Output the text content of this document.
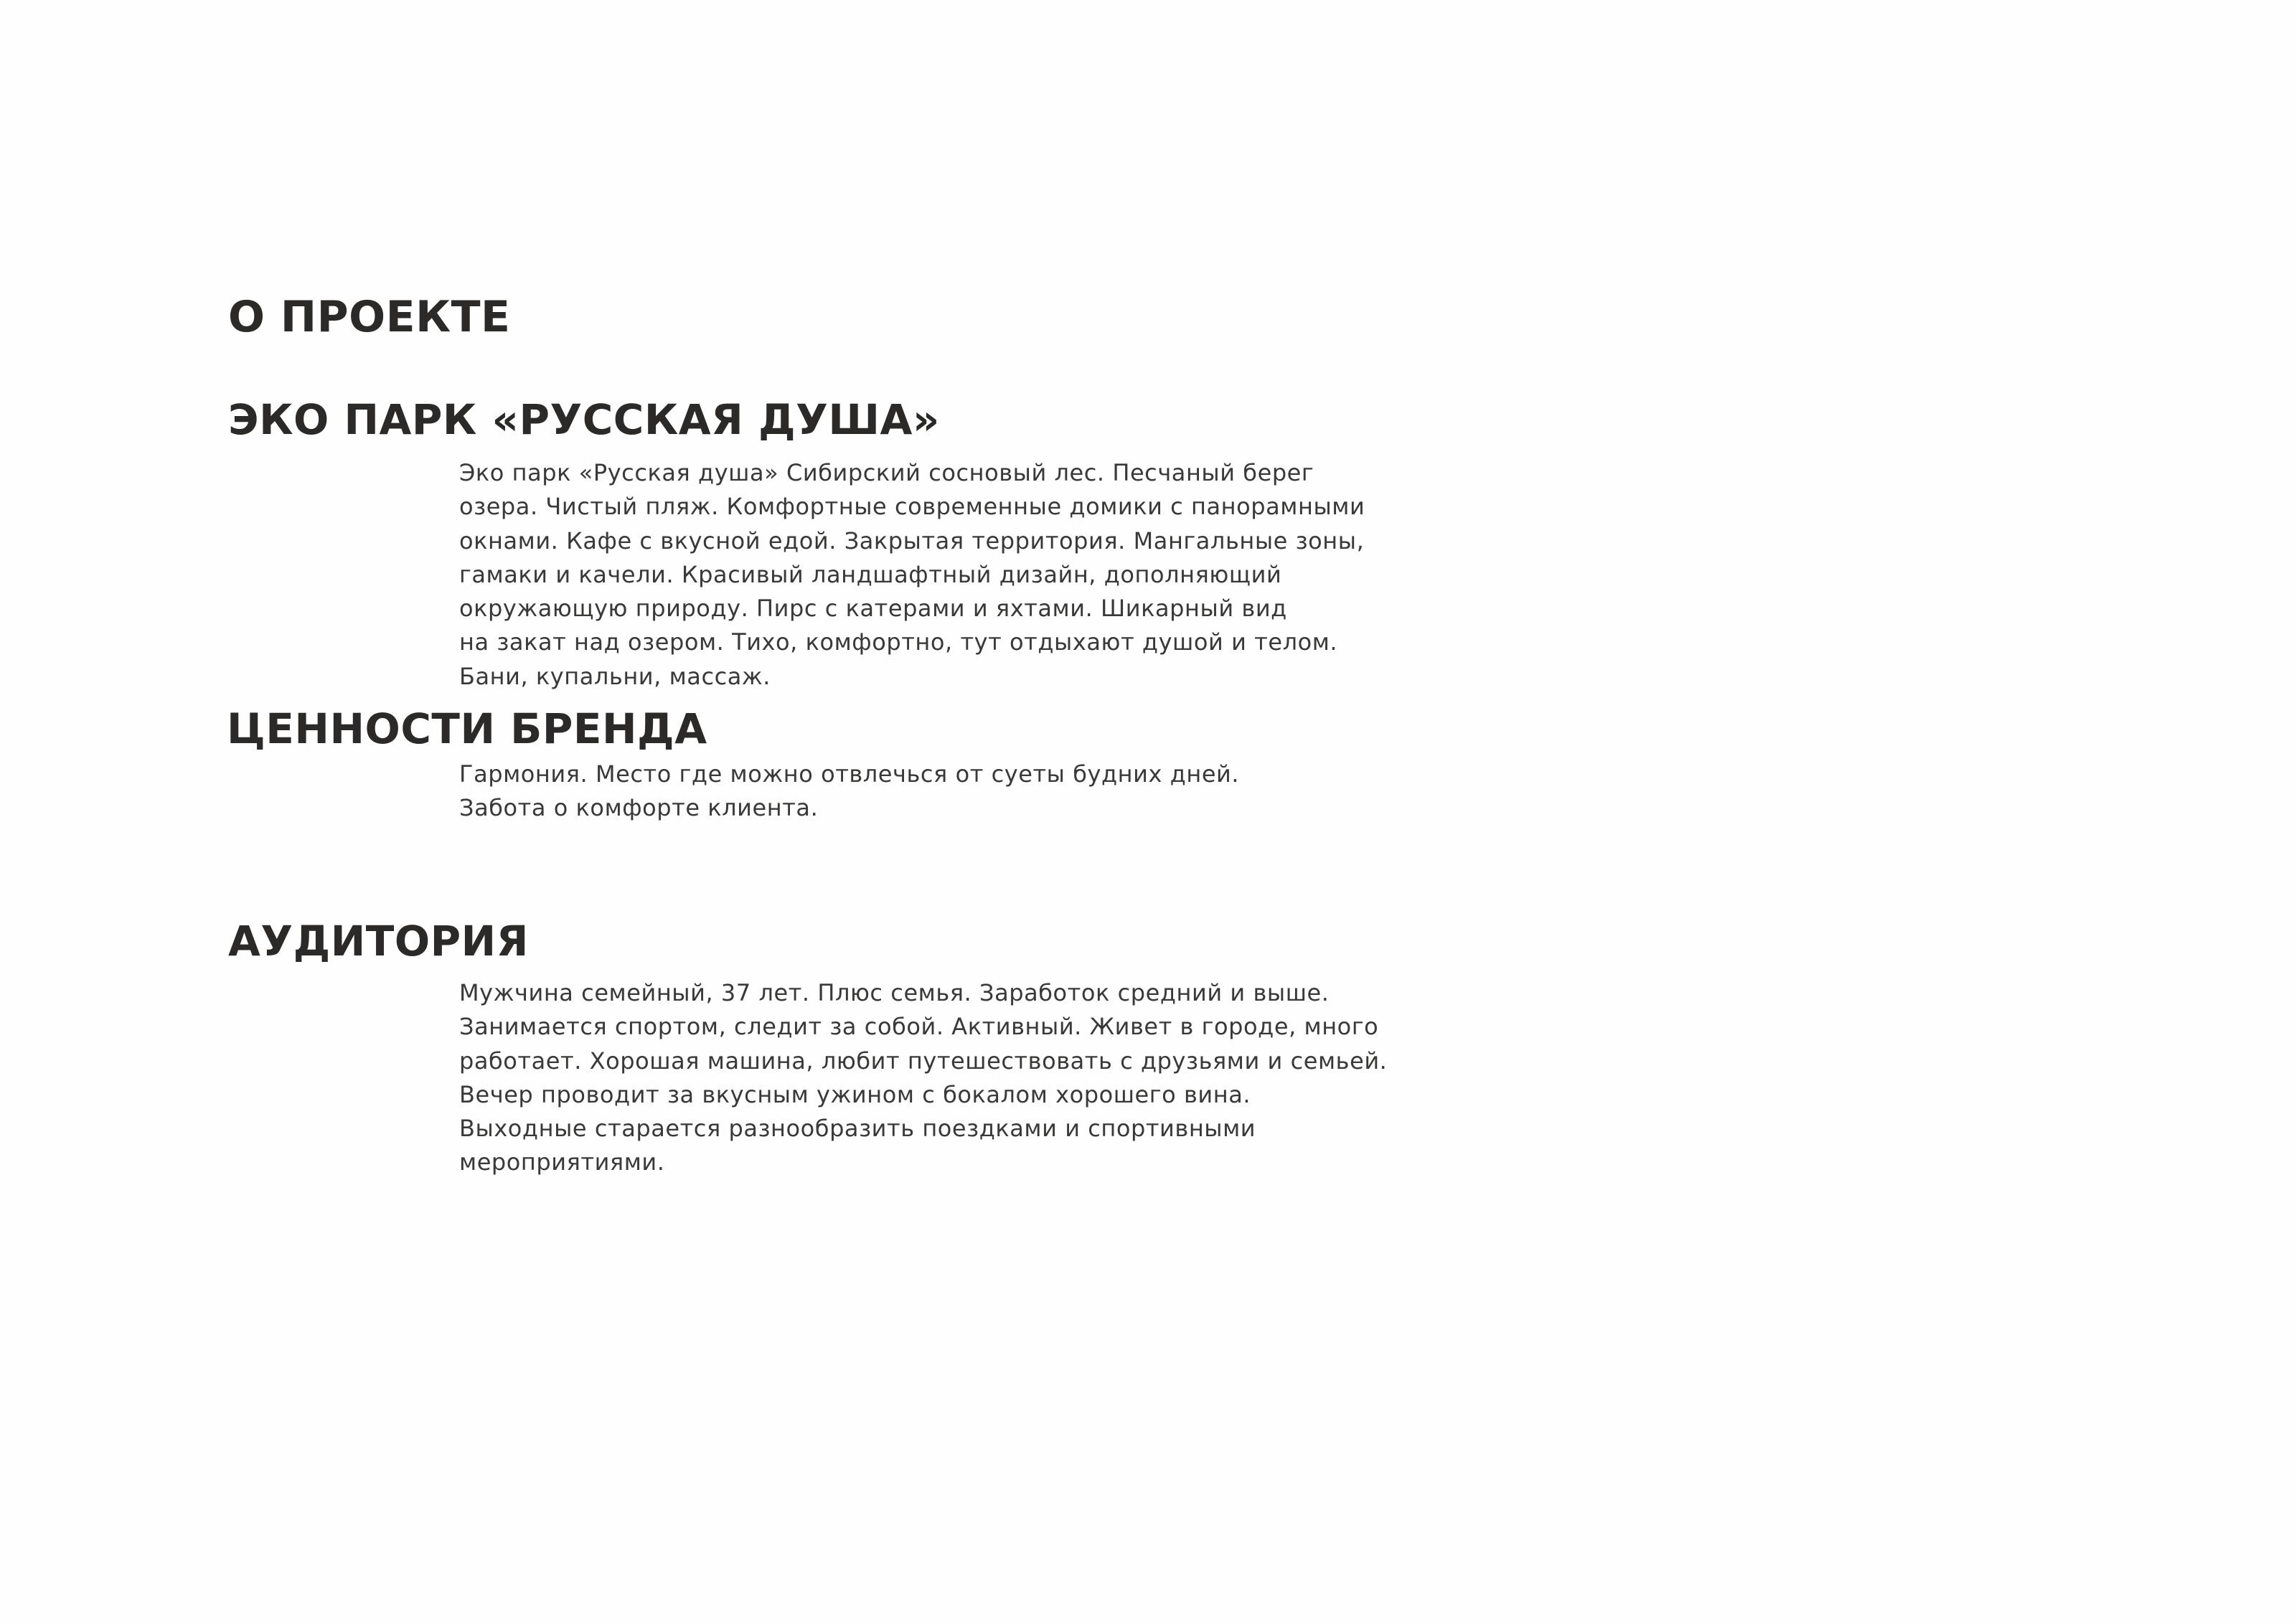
О ПРОЕКТЕ
ЭКО ПАРК «РУССКАЯ ДУША»

Эко парк «Русская душа» Сибирский сосновый лес. Песчаный берег
озера. Чистый пляж. Комфортные современные домики с панорамными
окнами. Кафе с вкусной едой. Закрытая территория. Мангальные зоны,
гамаки и качели. Красивый ландшафтный дизайн, дополняющий
окружающую природу. Пирс с катерами и яхтами. Шикарный вид
на закат над озером. Тихо, комфортно, тут отдыхают душой и телом.
Бани, купальни, массаж.

ЦЕННОСТИ БРЕНДА

Гармония. Место где можно отвлечься от суеты будних дней.
Забота о комфорте клиента.

АУДИТОРИЯ

Мужчина семейный, 37 лет. Плюс семья. Заработок средний и выше.
Занимается спортом, следит за собой. Активный. Живет в городе, много
работает. Хорошая машина, любит путешествовать с друзьями и семьей.
Вечер проводит за вкусным ужином с бокалом хорошего вина.
Выходные старается разнообразить поездками и спортивными
мероприятиями.
